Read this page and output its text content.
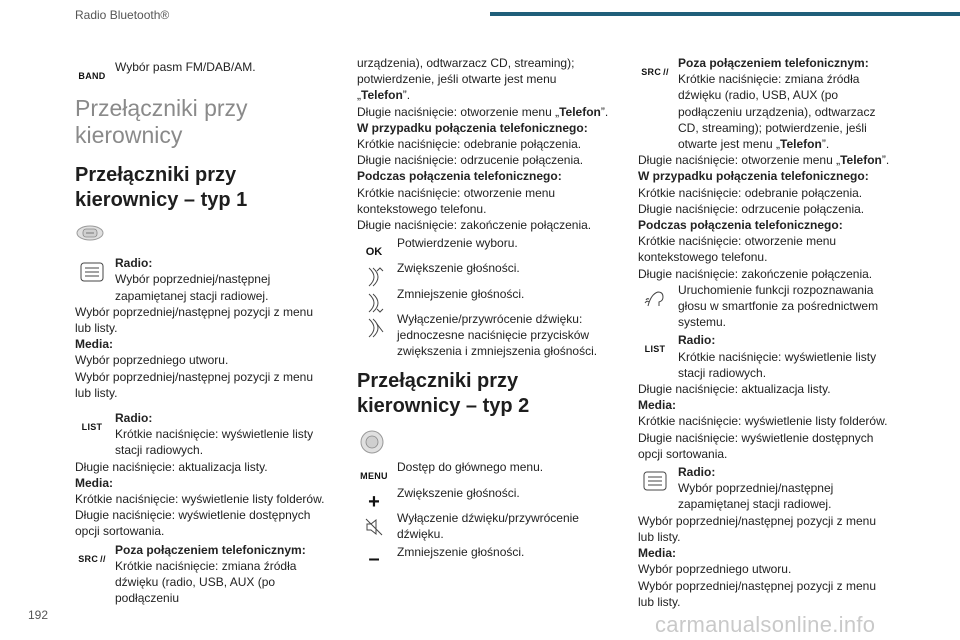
Radio Bluetooth®
BAND
Wybór pasm FM/DAB/AM.
Przełączniki przy kierownicy
Przełączniki przy kierownicy – typ 1
Radio:
Wybór poprzedniej/następnej zapamiętanej stacji radiowej.
Wybór poprzedniej/następnej pozycji z menu lub listy.
Media:
Wybór poprzedniego utworu.
Wybór poprzedniej/następnej pozycji z menu lub listy.
LIST
Radio:
Krótkie naciśnięcie: wyświetlenie listy stacji radiowych.
Długie naciśnięcie: aktualizacja listy.
Media:
Krótkie naciśnięcie: wyświetlenie listy folderów.
Długie naciśnięcie: wyświetlenie dostępnych opcji sortowania.
SRC //
Poza połączeniem telefonicznym:
Krótkie naciśnięcie: zmiana źródła dźwięku (radio, USB, AUX (po podłączeniu
urządzenia), odtwarzacz CD, streaming); potwierdzenie, jeśli otwarte jest menu „Telefon”.
Długie naciśnięcie: otworzenie menu „Telefon”.
W przypadku połączenia telefonicznego:
Krótkie naciśnięcie: odebranie połączenia.
Długie naciśnięcie: odrzucenie połączenia.
Podczas połączenia telefonicznego:
Krótkie naciśnięcie: otworzenie menu kontekstowego telefonu.
Długie naciśnięcie: zakończenie połączenia.
OK
Potwierdzenie wyboru.
Zwiększenie głośności.
Zmniejszenie głośności.
Wyłączenie/przywrócenie dźwięku: jednoczesne naciśnięcie przycisków zwiększenia i zmniejszenia głośności.
Przełączniki przy kierownicy – typ 2
MENU
Dostęp do głównego menu.
+	Zwiększenie głośności.
Wyłączenie dźwięku/przywrócenie dźwięku.
–	Zmniejszenie głośności.
SRC //
Poza połączeniem telefonicznym:
Krótkie naciśnięcie: zmiana źródła dźwięku (radio, USB, AUX (po podłączeniu urządzenia), odtwarzacz CD, streaming); potwierdzenie, jeśli otwarte jest menu „Telefon”.
Długie naciśnięcie: otworzenie menu „Telefon”.
W przypadku połączenia telefonicznego:
Krótkie naciśnięcie: odebranie połączenia.
Długie naciśnięcie: odrzucenie połączenia.
Podczas połączenia telefonicznego:
Krótkie naciśnięcie: otworzenie menu kontekstowego telefonu.
Długie naciśnięcie: zakończenie połączenia.
Uruchomienie funkcji rozpoznawania głosu w smartfonie za pośrednictwem systemu.
LIST
Radio:
Krótkie naciśnięcie: wyświetlenie listy stacji radiowych.
Długie naciśnięcie: aktualizacja listy.
Media:
Krótkie naciśnięcie: wyświetlenie listy folderów.
Długie naciśnięcie: wyświetlenie dostępnych opcji sortowania.
Radio:
Wybór poprzedniej/następnej zapamiętanej stacji radiowej.
Wybór poprzedniej/następnej pozycji z menu lub listy.
Media:
Wybór poprzedniego utworu.
Wybór poprzedniej/następnej pozycji z menu lub listy.
192	carmanualsonline.info
